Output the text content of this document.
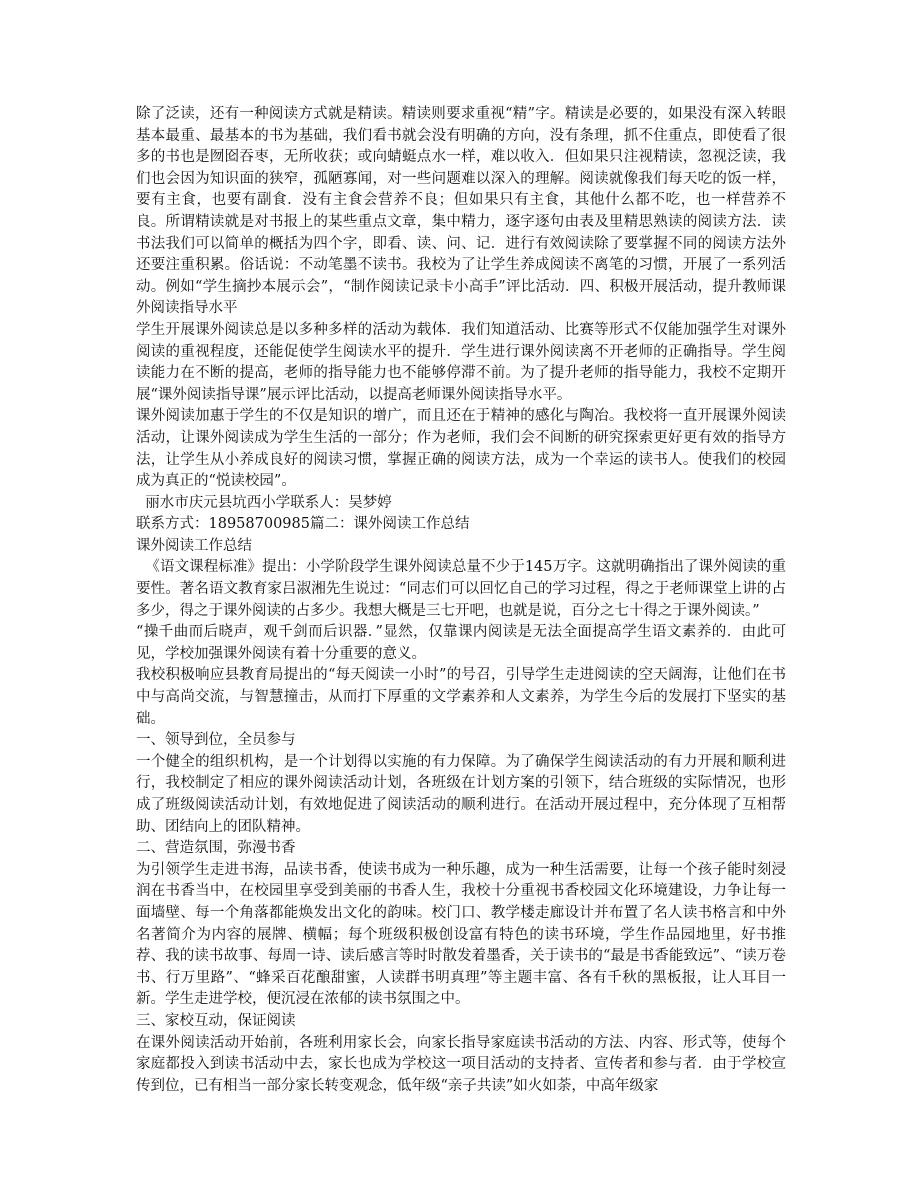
除了泛读，还有一种阅读方式就是精读。精读则要求重视“精”字。精读是必要的，如果没有深入转眼基本最重、最基本的书为基础，我们看书就会没有明确的方向，没有条理，抓不住重点，即使看了很多的书也是囫囵吞枣，无所收获；或向蜻蜓点水一样，难以收入．但如果只注视精读，忽视泛读，我们也会因为知识面的狭窄，孤陋寡闻，对一些问题难以深入的理解。阅读就像我们每天吃的饭一样，要有主食，也要有副食．没有主食会营养不良；但如果只有主食，其他什么都不吃，也一样营养不良。所谓精读就是对书报上的某些重点文章，集中精力，逐字逐句由表及里精思熟读的阅读方法．读书法我们可以简单的概括为四个字，即看、读、问、记．进行有效阅读除了要掌握不同的阅读方法外还要注重积累。俗话说：不动笔墨不读书。我校为了让学生养成阅读不离笔的习惯，开展了一系列活动。例如“学生摘抄本展示会”，“制作阅读记录卡小高手”评比活动．四、积极开展活动，提升教师课外阅读指导水平

学生开展课外阅读总是以多种多样的活动为载体．我们知道活动、比赛等形式不仅能加强学生对课外阅读的重视程度，还能促使学生阅读水平的提升．学生进行课外阅读离不开老师的正确指导。学生阅读能力在不断的提高，老师的指导能力也不能够停滞不前。为了提升老师的指导能力，我校不定期开展“课外阅读指导课”展示评比活动，以提高老师课外阅读指导水平。

课外阅读加惠于学生的不仅是知识的增广，而且还在于精神的感化与陶冶。我校将一直开展课外阅读活动，让课外阅读成为学生生活的一部分；作为老师，我们会不间断的研究探索更好更有效的指导方法，让学生从小养成良好的阅读习惯，掌握正确的阅读方法，成为一个幸运的读书人。使我们的校园成为真正的“悦读校园”。

丽水市庆元县坑西小学联系人：吴梦婷

联系方式：18958700985篇二：课外阅读工作总结

课外阅读工作总结

《语文课程标准》提出：小学阶段学生课外阅读总量不少于145万字。这就明确指出了课外阅读的重要性。著名语文教育家吕淑湘先生说过：“同志们可以回忆自己的学习过程，得之于老师课堂上讲的占多少，得之于课外阅读的占多少。我想大概是三七开吧，也就是说，百分之七十得之于课外阅读。”

“操千曲而后晓声，观千剑而后识器．”显然，仅靠课内阅读是无法全面提高学生语文素养的．由此可见，学校加强课外阅读有着十分重要的意义。

我校积极响应县教育局提出的“每天阅读一小时”的号召，引导学生走进阅读的空天阔海，让他们在书中与高尚交流，与智慧撞击，从而打下厚重的文学素养和人文素养，为学生今后的发展打下坚实的基础。

一、领导到位，全员参与

一个健全的组织机构，是一个计划得以实施的有力保障。为了确保学生阅读活动的有力开展和顺利进行，我校制定了相应的课外阅读活动计划，各班级在计划方案的引领下，结合班级的实际情况，也形成了班级阅读活动计划，有效地促进了阅读活动的顺利进行。在活动开展过程中，充分体现了互相帮助、团结向上的团队精神。

二、营造氛围，弥漫书香

为引领学生走进书海，品读书香，使读书成为一种乐趣，成为一种生活需要，让每一个孩子能时刻浸润在书香当中，在校园里享受到美丽的书香人生，我校十分重视书香校园文化环境建设，力争让每一面墙壁、每一个角落都能焕发出文化的韵味。校门口、教学楼走廊设计并布置了名人读书格言和中外名著简介为内容的展牌、横幅；每个班级积极创设富有特色的读书环境，学生作品园地里，好书推荐、我的读书故事、每周一诗、读后感言等时时散发着墨香，关于读书的“最是书香能致远”、“读万卷书、行万里路”、“蜂采百花酿甜蜜，人读群书明真理”等主题丰富、各有千秋的黑板报，让人耳目一新。学生走进学校，便沉浸在浓郁的读书氛围之中。

三、家校互动，保证阅读

在课外阅读活动开始前，各班利用家长会，向家长指导家庭读书活动的方法、内容、形式等，使每个家庭都投入到读书活动中去，家长也成为学校这一项目活动的支持者、宣传者和参与者．由于学校宣传到位，已有相当一部分家长转变观念，低年级“亲子共读”如火如荼，中高年级家
